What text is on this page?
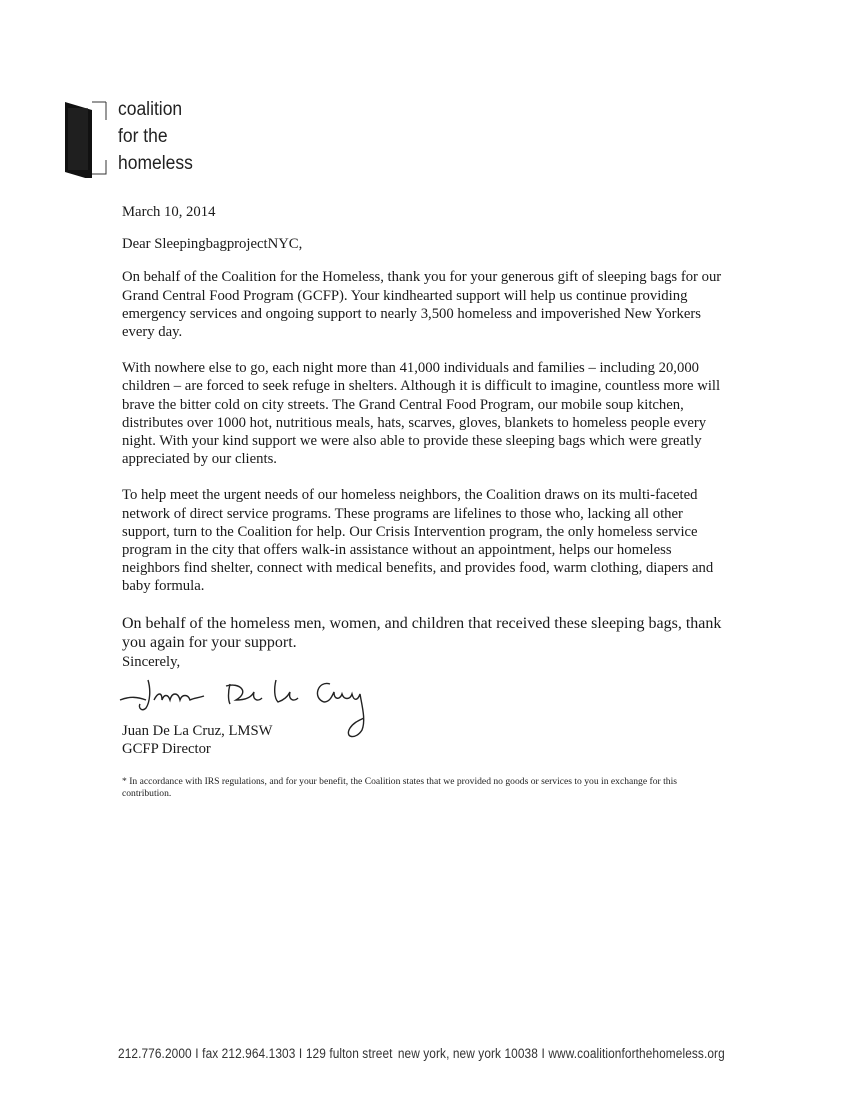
coalition
for the
homeless

March 10, 2014

Dear SleepingbagprojectNYC,

On behalf of the Coalition for the Homeless, thank you for your generous gift of sleeping bags for our Grand Central Food Program (GCFP). Your kindhearted support will help us continue providing emergency services and ongoing support to nearly 3,500 homeless and impoverished New Yorkers every day.

With nowhere else to go, each night more than 41,000 individuals and families – including 20,000 children – are forced to seek refuge in shelters. Although it is difficult to imagine, countless more will brave the bitter cold on city streets. The Grand Central Food Program, our mobile soup kitchen, distributes over 1000 hot, nutritious meals, hats, scarves, gloves, blankets to homeless people every night. With your kind support we were also able to provide these sleeping bags which were greatly appreciated by our clients.

To help meet the urgent needs of our homeless neighbors, the Coalition draws on its multi-faceted network of direct service programs. These programs are lifelines to those who, lacking all other support, turn to the Coalition for help. Our Crisis Intervention program, the only homeless service program in the city that offers walk-in assistance without an appointment, helps our homeless neighbors find shelter, connect with medical benefits, and provides food, warm clothing, diapers and baby formula.

On behalf of the homeless men, women, and children that received these sleeping bags, thank you again for your support.

Sincerely,

Juan De La Cruz, LMSW
GCFP Director
* In accordance with IRS regulations, and for your benefit, the Coalition states that we provided no goods or services to you in exchange for this contribution.
212.776.2000 I fax 212.964.1303 I 129 fulton street new york, new york 10038 I www.coalitionforthehomeless.org
